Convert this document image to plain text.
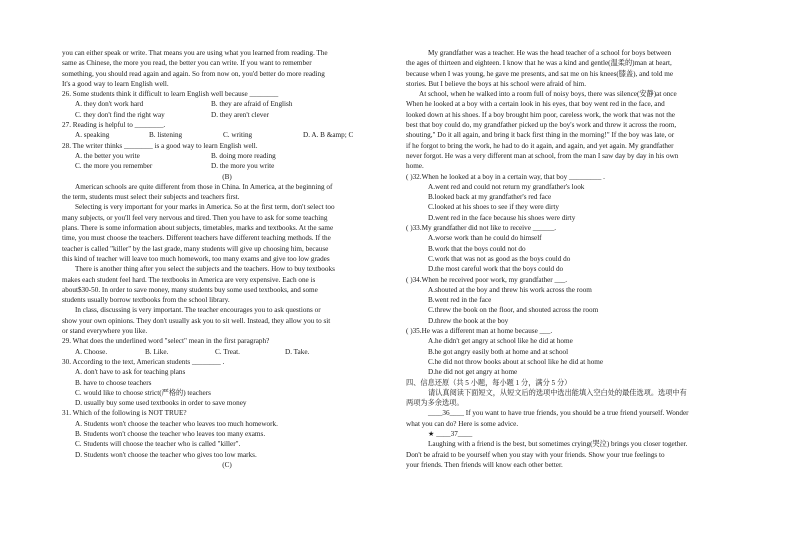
you can either speak or write. That means you are using what you learned from reading. The
same as Chinese, the more you read, the better you can write. If you want to remember
something, you should read again and again. So from now on, you'd better do more reading
It's a good way to learn English well.
26. Some students think it difficult to learn English well because ________
A. they don't work hard	B. they are afraid of English
C. they don't find the right way	D. they aren't clever
27. Reading is helpful to ________.
A. speaking	B. listening	C. writing	D. A. B &amp; C
28. The writer thinks ________ is a good way to learn English well.
A. the better you write	B. doing more reading
C. the more you remember	D. the more you write
(B)
American schools are quite different from those in China. In America, at the beginning of
the term, students must select their subjects and teachers first.
Selecting is very important for your marks in America. So at the first term, don't select too
many subjects, or you'll feel very nervous and tired. Then you have to ask for some teaching
plans. There is some information about subjects, timetables, marks and textbooks. At the same
time, you must choose the teachers. Different teachers have different teaching methods. If the
teacher is called "killer" by the last grade, many students will give up choosing him, because
this kind of teacher will leave too much homework, too many exams and give too low grades
There is another thing after you select the subjects and the teachers. How to buy textbooks
makes each student feel hard. The textbooks in America are very expensive. Each one is
about$30-50. In order to save money, many students buy some used textbooks, and some
students usually borrow textbooks from the school library.
In class, discussing is very important. The teacher encourages you to ask questions or
show your own opinions. They don't usually ask you to sit well. Instead, they allow you to sit
or stand everywhere you like.
29. What does the underlined word "select" mean in the first paragraph?
A. Choose.	B. Like.	C. Treat.	D. Take.
30. According to the text, American students ________ .
A. don't have to ask for teaching plans
B. have to choose teachers
C. would like to choose strict(严格的) teachers
D. usually buy some used textbooks in order to save money
31. Which of the following is NOT TRUE?
A. Students won't choose the teacher who leaves too much homework.
B. Students won't choose the teacher who leaves too many exams.
C. Students will choose the teacher who is called "killer".
D. Students won't choose the teacher who gives too low marks.
(C)
My grandfather was a teacher. He was the head teacher of a school for boys between
the ages of thirteen and eighteen. I know that he was a kind and gentle(温柔的)man at heart,
because when I was young, he gave me presents, and sat me on his knees(膝盖), and told me
stories. But I believe the boys at his school were afraid of him.
At school, when he walked into a room full of noisy boys, there was silence(安静)at once
When he looked at a boy with a certain look in his eyes, that boy went red in the face, and
looked down at his shoes. If a boy brought him poor, careless work, the work that was not the
best that boy could do, my grandfather picked up the boy's work and threw it across the room,
shouting," Do it all again, and bring it back first thing in the morning!" If the boy was late, or
if he forgot to bring the work, he had to do it again, and again, and yet again. My grandfather
never forgot. He was a very different man at school, from the man I saw day by day in his own
home.
( )32.When he looked at a boy in a certain way, that boy _________ .
A.went red and could not return my grandfather's look
B.looked back at my grandfather's red face
C.looked at his shoes to see if they were dirty
D.went red in the face because his shoes were dirty
( )33.My grandfather did not like to receive ______.
A.worse work than he could do himself
B.work that the boys could not do
C.work that was not as good as the boys could do
D.the most careful work that the boys could do
( )34.When he received poor work, my grandfather ___.
A.shouted at the boy and threw his work across the room
B.went red in the face
C.threw the book on the floor, and shouted across the room
D.threw the book at the boy
( )35.He was a different man at home because ___.
A.he didn't get angry at school like he did at home
B.he got angry easily both at home and at school
C.he did not throw books about at school like he did at home
D.he did not get angry at home
四、信息还原（共 5 小题，每小题 1 分，满分 5 分）
请认真阅读下面短文，从短文后的选项中选出能填入空白处的最佳选项。选项中有
两项为多余选项。
____36____ If you want to have true friends, you should be a true friend yourself. Wonder
what you can do? Here is some advice.
★ ____37____
Laughing with a friend is the best, but sometimes crying(哭泣) brings you closer together.
Don't be afraid to be yourself when you stay with your friends. Show your true feelings to
your friends. Then friends will know each other better.
